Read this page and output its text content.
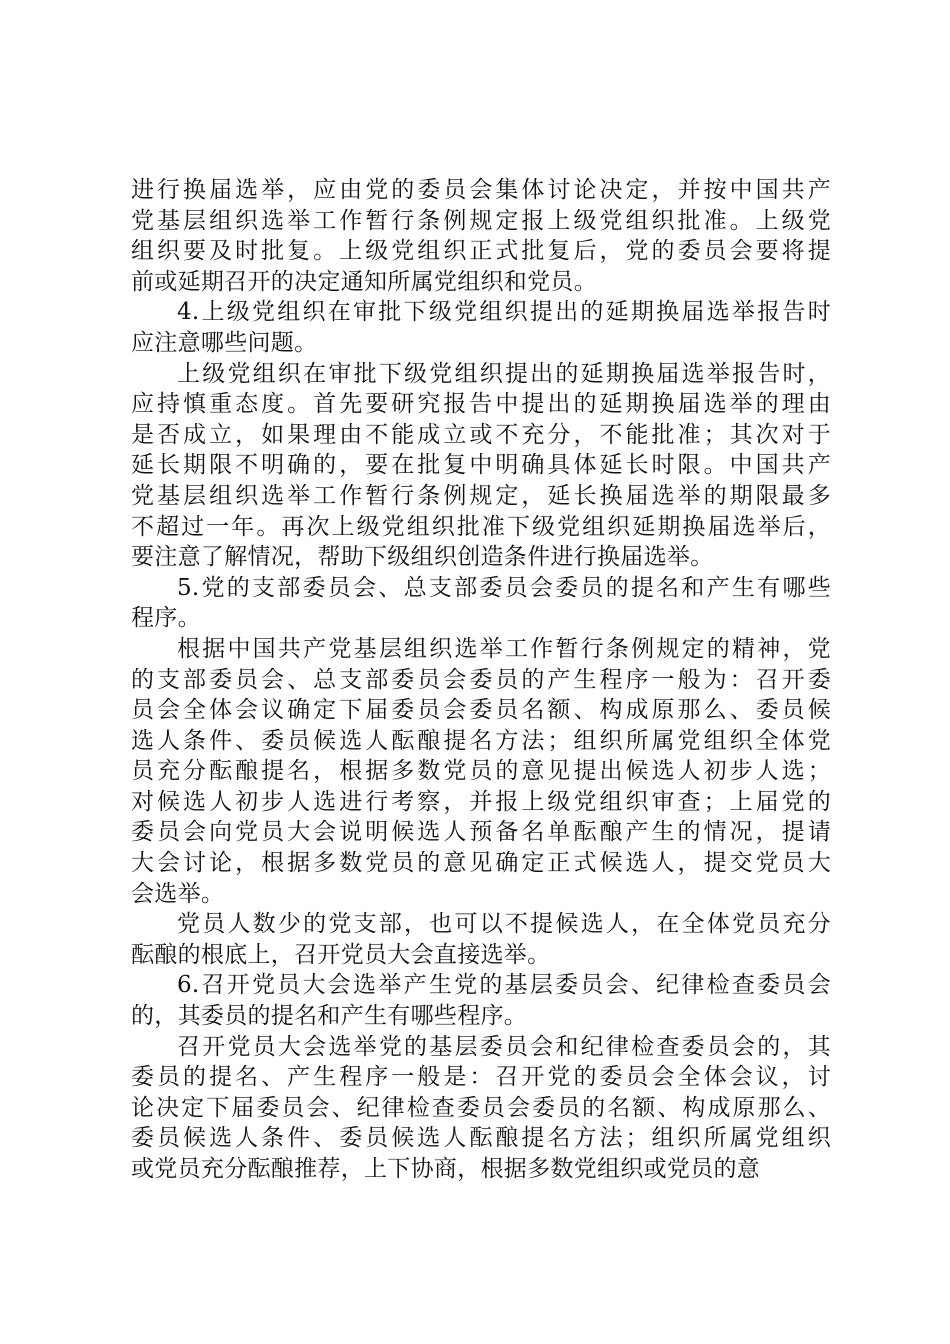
进行换届选举，应由党的委员会集体讨论决定，并按中国共产
党基层组织选举工作暂行条例规定报上级党组织批准。上级党
组织要及时批复。上级党组织正式批复后，党的委员会要将提
前或延期召开的决定通知所属党组织和党员。
4.上级党组织在审批下级党组织提出的延期换届选举报告时
应注意哪些问题。
上级党组织在审批下级党组织提出的延期换届选举报告时，
应持慎重态度。首先要研究报告中提出的延期换届选举的理由
是否成立，如果理由不能成立或不充分，不能批准；其次对于
延长期限不明确的，要在批复中明确具体延长时限。中国共产
党基层组织选举工作暂行条例规定，延长换届选举的期限最多
不超过一年。再次上级党组织批准下级党组织延期换届选举后，
要注意了解情况，帮助下级组织创造条件进行换届选举。
5.党的支部委员会、总支部委员会委员的提名和产生有哪些
程序。
根据中国共产党基层组织选举工作暂行条例规定的精神，党
的支部委员会、总支部委员会委员的产生程序一般为：召开委
员会全体会议确定下届委员会委员名额、构成原那么、委员候
选人条件、委员候选人酝酿提名方法；组织所属党组织全体党
员充分酝酿提名，根据多数党员的意见提出候选人初步人选；
对候选人初步人选进行考察，并报上级党组织审查；上届党的
委员会向党员大会说明候选人预备名单酝酿产生的情况，提请
大会讨论，根据多数党员的意见确定正式候选人，提交党员大
会选举。
党员人数少的党支部，也可以不提候选人，在全体党员充分
酝酿的根底上，召开党员大会直接选举。
6.召开党员大会选举产生党的基层委员会、纪律检查委员会
的，其委员的提名和产生有哪些程序。
召开党员大会选举党的基层委员会和纪律检查委员会的，其
委员的提名、产生程序一般是：召开党的委员会全体会议，讨
论决定下届委员会、纪律检查委员会委员的名额、构成原那么、
委员候选人条件、委员候选人酝酿提名方法；组织所属党组织
或党员充分酝酿推荐，上下协商，根据多数党组织或党员的意
